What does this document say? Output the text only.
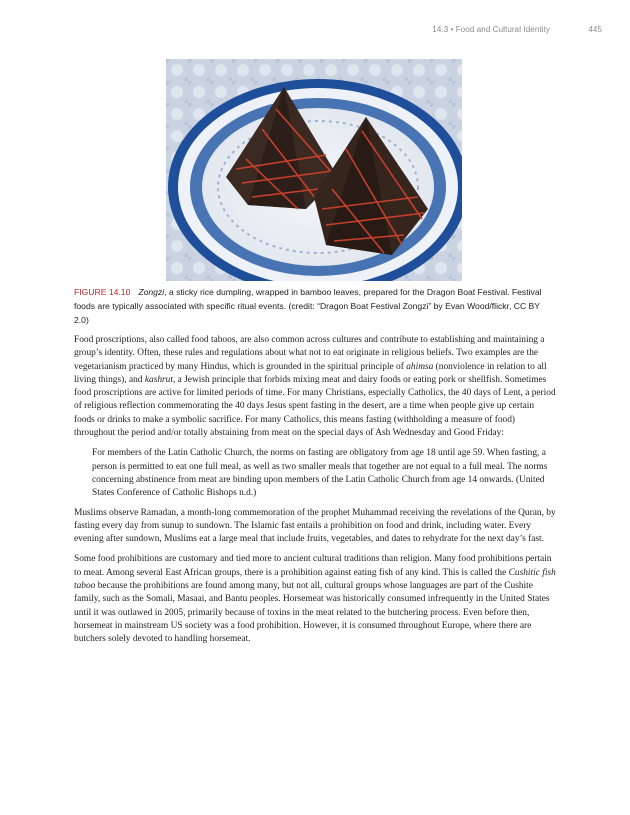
14.3 • Food and Cultural Identity	445
FIGURE 14.10 Zongzi, a sticky rice dumpling, wrapped in bamboo leaves, prepared for the Dragon Boat Festival. Festival foods are typically associated with specific ritual events. (credit: “Dragon Boat Festival Zongzi” by Evan Wood/flickr, CC BY 2.0)

Food proscriptions, also called food taboos, are also common across cultures and contribute to establishing and maintaining a group’s identity. Often, these rules and regulations about what not to eat originate in religious beliefs. Two examples are the vegetarianism practiced by many Hindus, which is grounded in the spiritual principle of ahimsa (nonviolence in relation to all living things), and kashrut, a Jewish principle that forbids mixing meat and dairy foods or eating pork or shellfish. Sometimes food proscriptions are active for limited periods of time. For many Christians, especially Catholics, the 40 days of Lent, a period of religious reflection commemorating the 40 days Jesus spent fasting in the desert, are a time when people give up certain foods or drinks to make a symbolic sacrifice. For many Catholics, this means fasting (withholding a measure of food) throughout the period and/or totally abstaining from meat on the special days of Ash Wednesday and Good Friday:

For members of the Latin Catholic Church, the norms on fasting are obligatory from age 18 until age 59. When fasting, a person is permitted to eat one full meal, as well as two smaller meals that together are not equal to a full meal. The norms concerning abstinence from meat are binding upon members of the Latin Catholic Church from age 14 onwards. (United States Conference of Catholic Bishops n.d.)

Muslims observe Ramadan, a month-long commemoration of the prophet Muhammad receiving the revelations of the Quran, by fasting every day from sunup to sundown. The Islamic fast entails a prohibition on food and drink, including water. Every evening after sundown, Muslims eat a large meal that include fruits, vegetables, and dates to rehydrate for the next day’s fast.

Some food prohibitions are customary and tied more to ancient cultural traditions than religion. Many food prohibitions pertain to meat. Among several East African groups, there is a prohibition against eating fish of any kind. This is called the Cushitic fish taboo because the prohibitions are found among many, but not all, cultural groups whose languages are part of the Cushite family, such as the Somali, Masaai, and Bantu peoples. Horsemeat was historically consumed infrequently in the United States until it was outlawed in 2005, primarily because of toxins in the meat related to the butchering process. Even before then, horsemeat in mainstream US society was a food prohibition. However, it is consumed throughout Europe, where there are butchers solely devoted to handling horsemeat.
